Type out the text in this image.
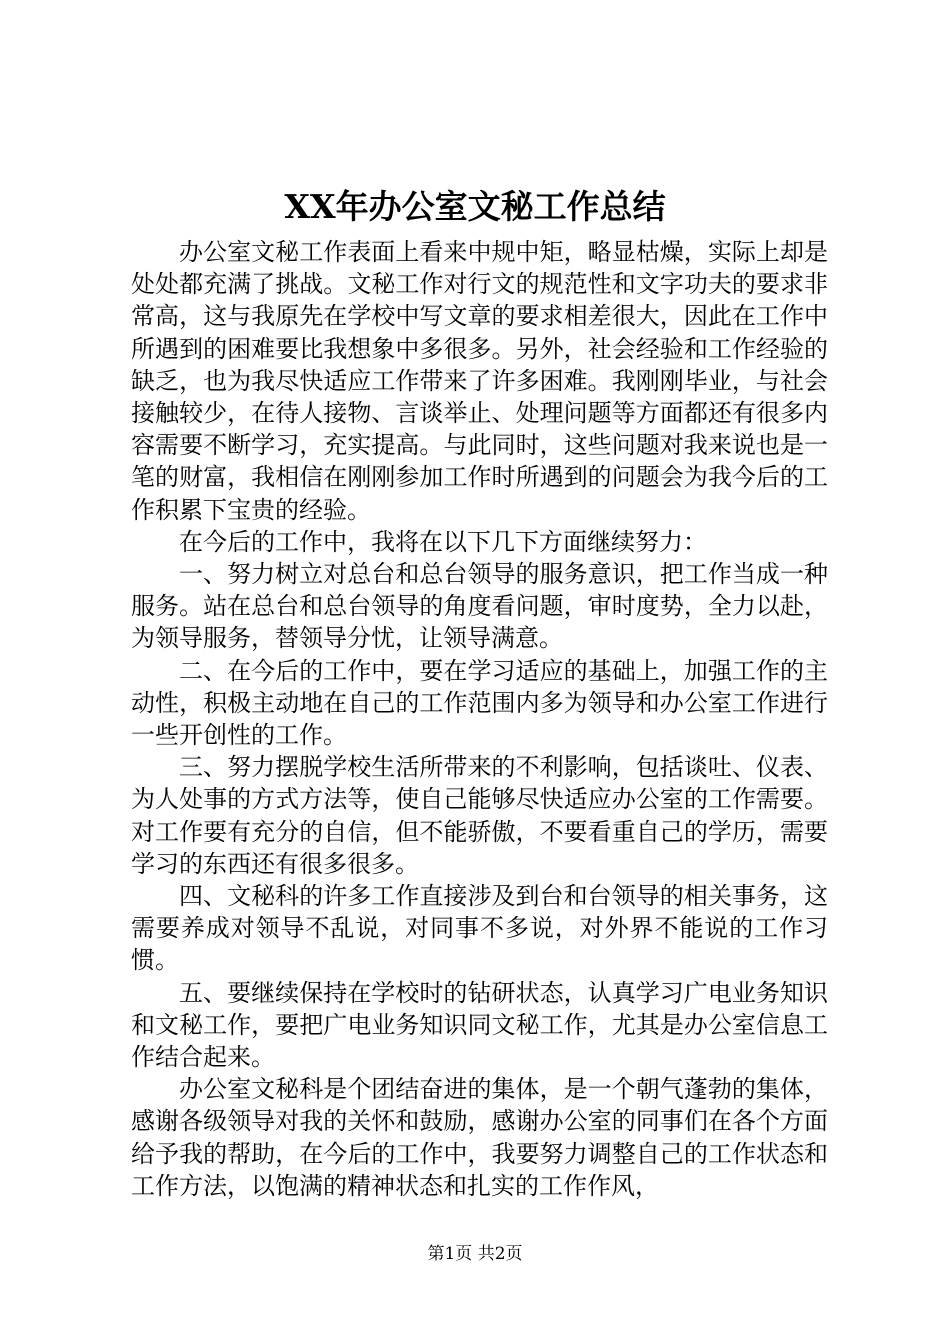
XX年办公室文秘工作总结

办公室文秘工作表面上看来中规中矩，略显枯燥，实际上却是处处都充满了挑战。文秘工作对行文的规范性和文字功夫的要求非常高，这与我原先在学校中写文章的要求相差很大，因此在工作中所遇到的困难要比我想象中多很多。另外，社会经验和工作经验的缺乏，也为我尽快适应工作带来了许多困难。我刚刚毕业，与社会接触较少，在待人接物、言谈举止、处理问题等方面都还有很多内容需要不断学习，充实提高。与此同时，这些问题对我来说也是一笔的财富，我相信在刚刚参加工作时所遇到的问题会为我今后的工作积累下宝贵的经验。

在今后的工作中，我将在以下几下方面继续努力：

一、努力树立对总台和总台领导的服务意识，把工作当成一种服务。站在总台和总台领导的角度看问题，审时度势，全力以赴，为领导服务，替领导分忧，让领导满意。

二、在今后的工作中，要在学习适应的基础上，加强工作的主动性，积极主动地在自己的工作范围内多为领导和办公室工作进行一些开创性的工作。

三、努力摆脱学校生活所带来的不利影响，包括谈吐、仪表、为人处事的方式方法等，使自己能够尽快适应办公室的工作需要。对工作要有充分的自信，但不能骄傲，不要看重自己的学历，需要学习的东西还有很多很多。

四、文秘科的许多工作直接涉及到台和台领导的相关事务，这需要养成对领导不乱说，对同事不多说，对外界不能说的工作习惯。

五、要继续保持在学校时的钻研状态，认真学习广电业务知识和文秘工作，要把广电业务知识同文秘工作，尤其是办公室信息工作结合起来。

办公室文秘科是个团结奋进的集体，是一个朝气蓬勃的集体，感谢各级领导对我的关怀和鼓励，感谢办公室的同事们在各个方面给予我的帮助，在今后的工作中，我要努力调整自己的工作状态和工作方法，以饱满的精神状态和扎实的工作作风，

第1页 共2页
